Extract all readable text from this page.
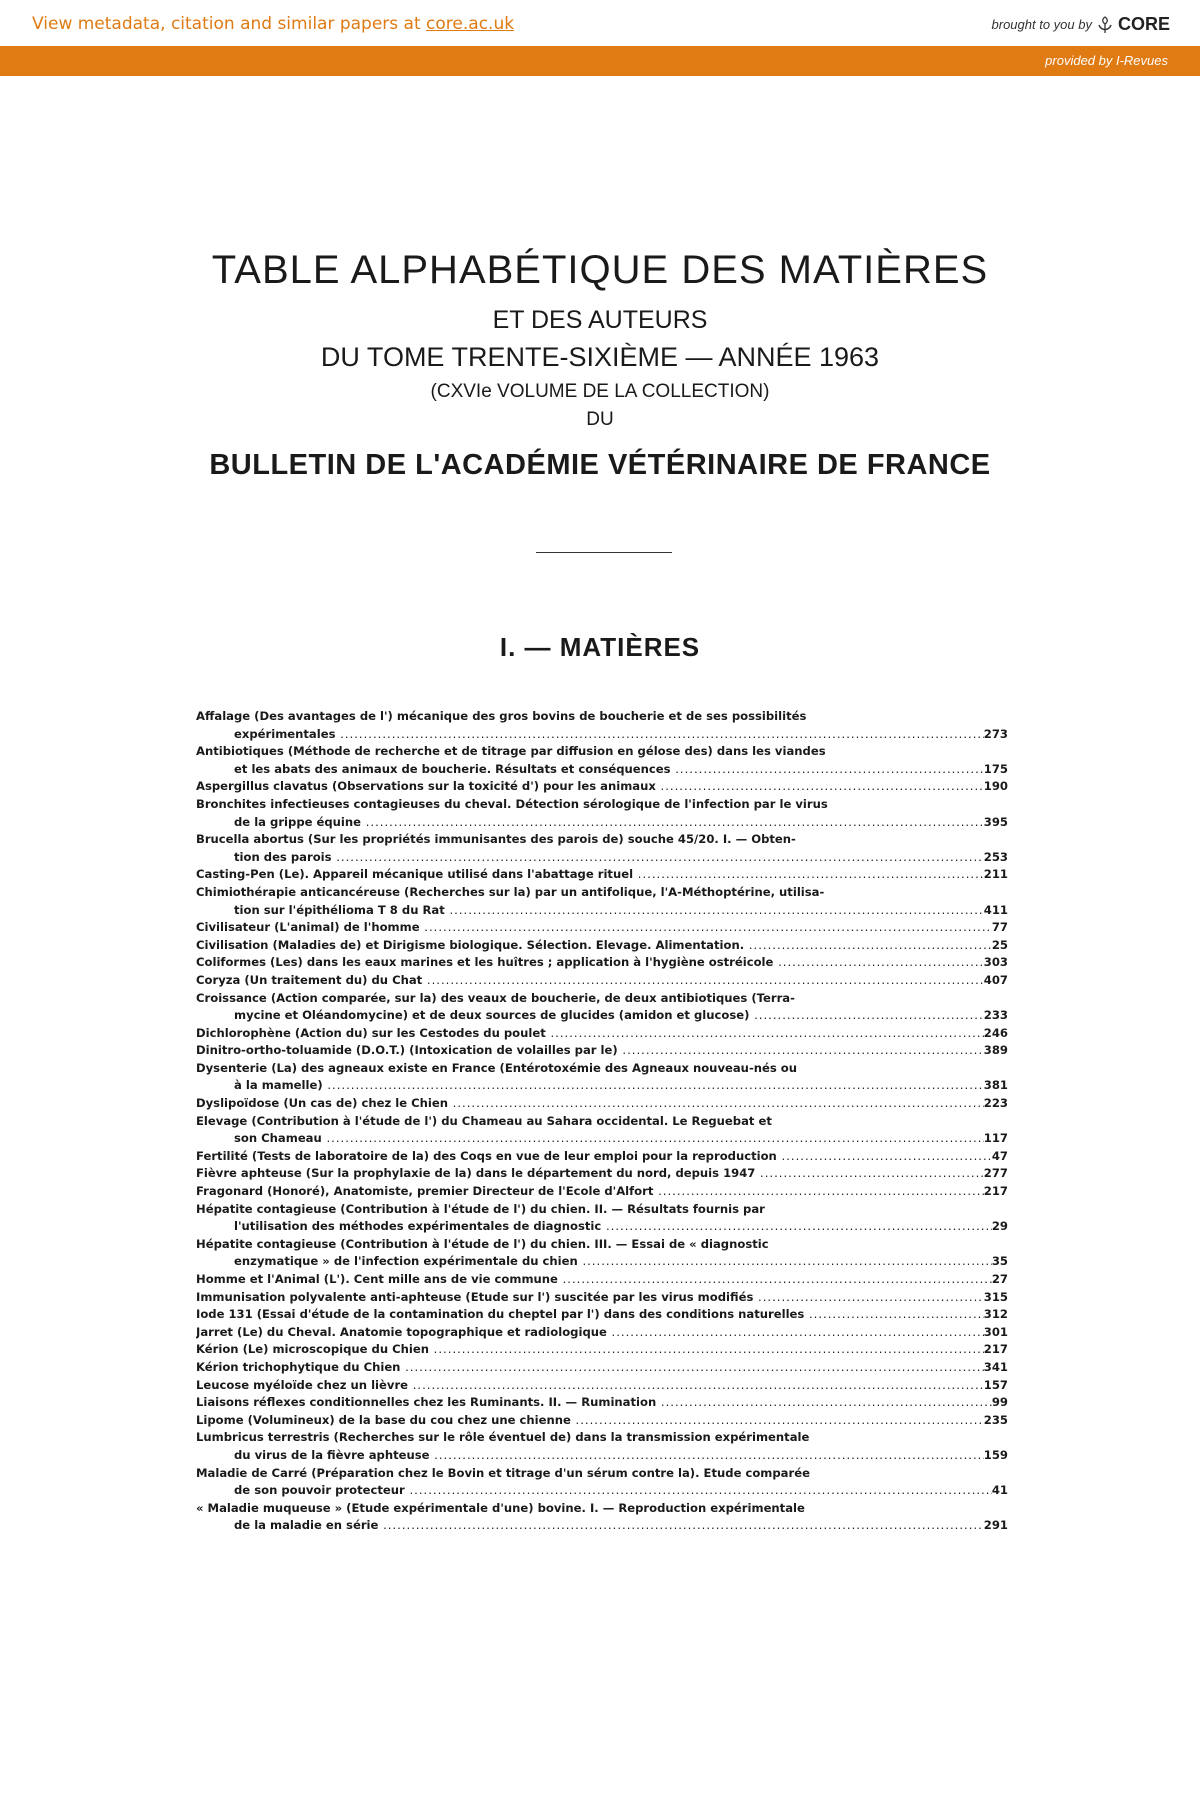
View metadata, citation and similar papers at core.ac.uk	brought to you by CORE
provided by I-Revues
TABLE ALPHABÉTIQUE DES MATIÈRES
ET DES AUTEURS
DU TOME TRENTE-SIXIÈME — ANNÉE 1963
(CXVIe VOLUME DE LA COLLECTION)
DU
BULLETIN DE L'ACADÉMIE VÉTÉRINAIRE DE FRANCE
I. — MATIÈRES
Affalage (Des avantages de l') mécanique des gros bovins de boucherie et de ses possibilités
expérimentales .....	273
Antibiotiques (Méthode de recherche et de titrage par diffusion en gélose des) dans les viandes
et les abats des animaux de boucherie. Résultats et conséquences .....	175
Aspergillus clavatus (Observations sur la toxicité d') pour les animaux .....	190
Bronchites infectieuses contagieuses du cheval. Détection sérologique de l'infection par le virus
de la grippe équine .....	395
Brucella abortus (Sur les propriétés immunisantes des parois de) souche 45/20. I. — Obten-
tion des parois .....	253
Casting-Pen (Le). Appareil mécanique utilisé dans l'abattage rituel .....	211
Chimiothérapie anticancéreuse (Recherches sur la) par un antifolique, l'A-Méthoptérine, utilisa-
tion sur l'épithélioma T 8 du Rat .....	411
Civilisateur (L'animal) de l'homme .....	77
Civilisation (Maladies de) et Dirigisme biologique. Sélection. Elevage. Alimentation. .....	25
Coliformes (Les) dans les eaux marines et les huîtres ; application à l'hygiène ostréicole .....	303
Coryza (Un traitement du) du Chat .....	407
Croissance (Action comparée, sur la) des veaux de boucherie, de deux antibiotiques (Terra-
mycine et Oléandomycine) et de deux sources de glucides (amidon et glucose) .....	233
Dichlorophène (Action du) sur les Cestodes du poulet .....	246
Dinitro-ortho-toluamide (D.O.T.) (Intoxication de volailles par le) .....	389
Dysenterie (La) des agneaux existe en France (Entérotoxémie des Agneaux nouveau-nés ou
à la mamelle) .....	381
Dyslipoïdose (Un cas de) chez le Chien .....	223
Elevage (Contribution à l'étude de l') du Chameau au Sahara occidental. Le Reguebat et
son Chameau .....	117
Fertilité (Tests de laboratoire de la) des Coqs en vue de leur emploi pour la reproduction .....	47
Fièvre aphteuse (Sur la prophylaxie de la) dans le département du nord, depuis 1947 .....	277
Fragonard (Honoré), Anatomiste, premier Directeur de l'Ecole d'Alfort .....	217
Hépatite contagieuse (Contribution à l'étude de l') du chien. II. — Résultats fournis par
l'utilisation des méthodes expérimentales de diagnostic .....	29
Hépatite contagieuse (Contribution à l'étude de l') du chien. III. — Essai de « diagnostic
enzymatique » de l'infection expérimentale du chien .....	35
Homme et l'Animal (L'). Cent mille ans de vie commune .....	27
Immunisation polyvalente anti-aphteuse (Etude sur l') suscitée par les virus modifiés .....	315
Iode 131 (Essai d'étude de la contamination du cheptel par l') dans des conditions naturelles .....	312
Jarret (Le) du Cheval. Anatomie topographique et radiologique .....	301
Kérion (Le) microscopique du Chien .....	217
Kérion trichophytique du Chien .....	341
Leucose myéloïde chez un lièvre .....	157
Liaisons réflexes conditionnelles chez les Ruminants. II. — Rumination .....	99
Lipome (Volumineux) de la base du cou chez une chienne .....	235
Lumbricus terrestris (Recherches sur le rôle éventuel de) dans la transmission expérimentale
du virus de la fièvre aphteuse .....	159
Maladie de Carré (Préparation chez le Bovin et titrage d'un sérum contre la). Etude comparée
de son pouvoir protecteur .....	41
« Maladie muqueuse » (Etude expérimentale d'une) bovine. I. — Reproduction expérimentale
de la maladie en série .....	291
